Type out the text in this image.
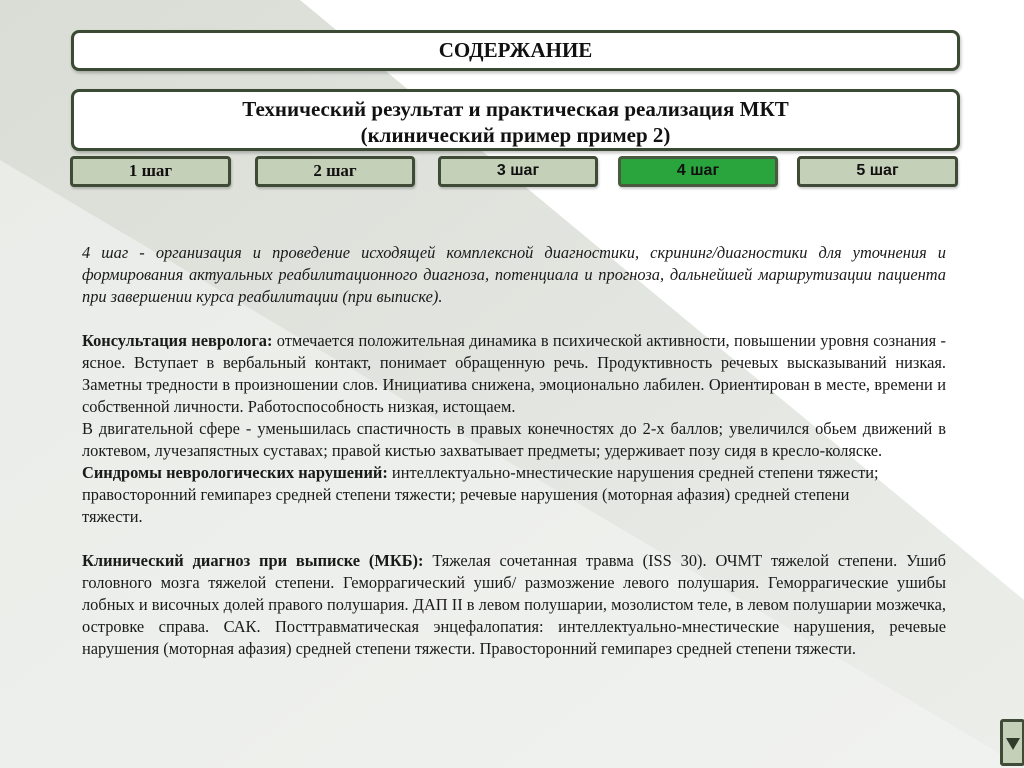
СОДЕРЖАНИЕ
Технический результат и практическая реализация МКТ
(клинический пример пример 2)
1 шаг	2 шаг	3 шаг	4 шаг	5 шаг

4 шаг - организация и проведение исходящей комплексной диагностики, скрининг/диагностики для уточнения и формирования актуальных реабилитационного диагноза, потенциала и прогноза, дальнейшей маршрутизации пациента при завершении курса реабилитации (при выписке).

Консультация невролога: отмечается положительная динамика в психической активности, повышении уровня сознания - ясное. Вступает в вербальный контакт, понимает обращенную речь. Продуктивность речевых высказываний низкая. Заметны тредности в произношении слов. Инициатива снижена, эмоционально лабилен. Ориентирован в месте, времени и собственной личности. Работоспособность низкая, истощаем.

В двигательной сфере - уменьшилась спастичность в правых конечностях до 2-х баллов; увеличился обьем движений в локтевом, лучезапястных суставах; правой кистью захватывает предметы; удерживает позу сидя в кресло-коляске.

Синдромы неврологических нарушений: интеллектуально-мнестические нарушения средней степени тяжести; правосторонний гемипарез средней степени тяжести; речевые нарушения (моторная афазия) средней степени тяжести.

Клинический диагноз при выписке (МКБ): Тяжелая сочетанная травма (ISS 30). ОЧМТ тяжелой степени. Ушиб головного мозга тяжелой степени. Геморрагический ушиб/ размозжение левого полушария. Геморрагические ушибы лобных и височных долей правого полушария. ДАП II в левом полушарии, мозолистом теле, в левом полушарии мозжечка, островке справа. САК. Посттравматическая энцефалопатия: интеллектуально-мнестические нарушения, речевые нарушения (моторная афазия) средней степени тяжести. Правосторонний гемипарез средней степени тяжести.
